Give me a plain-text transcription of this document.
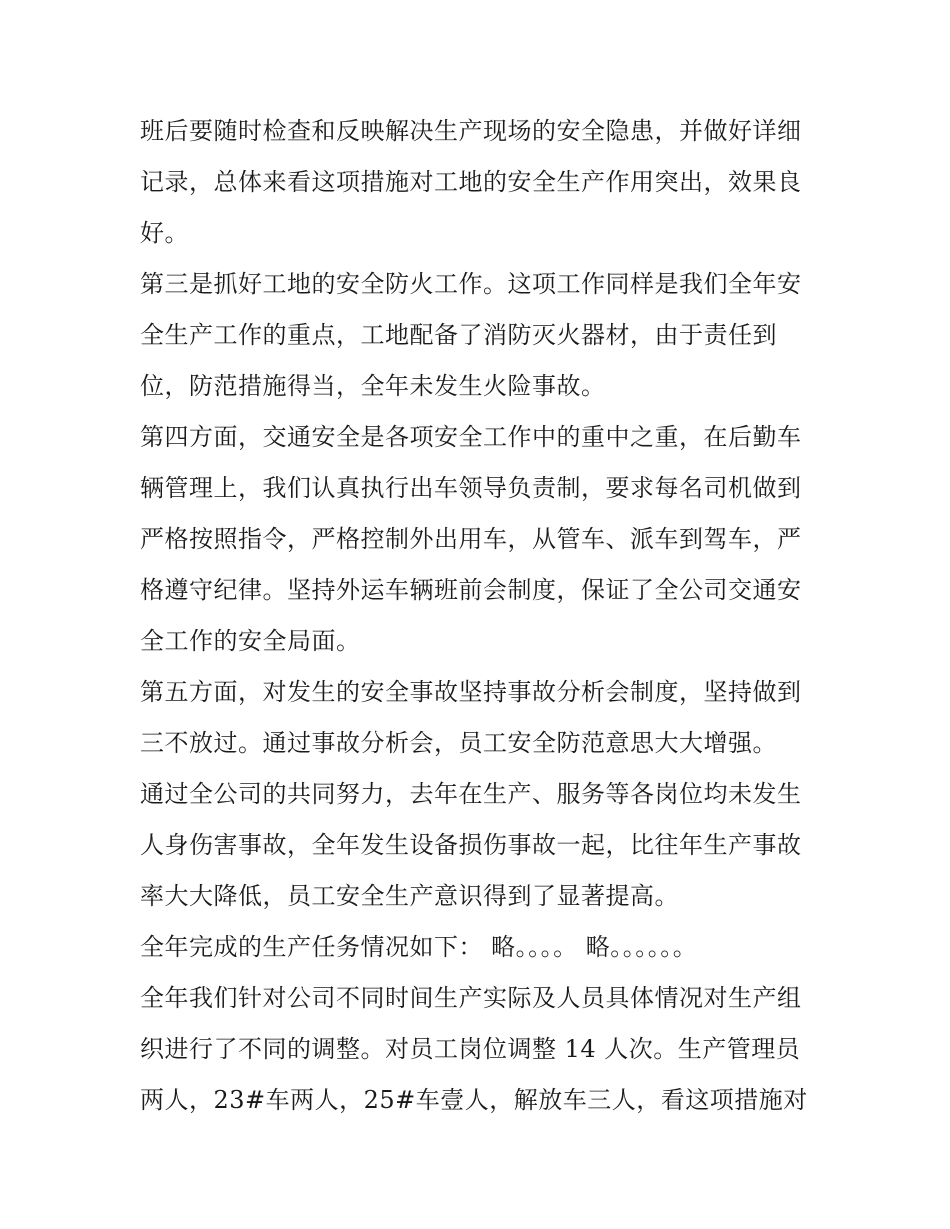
班后要随时检查和反映解决生产现场的安全隐患，并做好详细
记录，总体来看这项措施对工地的安全生产作用突出，效果良
好。
第三是抓好工地的安全防火工作。这项工作同样是我们全年安
全生产工作的重点，工地配备了消防灭火器材，由于责任到
位，防范措施得当，全年未发生火险事故。
第四方面，交通安全是各项安全工作中的重中之重，在后勤车
辆管理上，我们认真执行出车领导负责制，要求每名司机做到
严格按照指令，严格控制外出用车，从管车、派车到驾车，严
格遵守纪律。坚持外运车辆班前会制度，保证了全公司交通安
全工作的安全局面。
第五方面，对发生的安全事故坚持事故分析会制度，坚持做到
三不放过。通过事故分析会，员工安全防范意思大大增强。
通过全公司的共同努力，去年在生产、服务等各岗位均未发生
人身伤害事故，全年发生设备损伤事故一起，比往年生产事故
率大大降低，员工安全生产意识得到了显著提高。
全年完成的生产任务情况如下： 略。。。。 略。。。。。。
全年我们针对公司不同时间生产实际及人员具体情况对生产组
织进行了不同的调整。对员工岗位调整 14 人次。生产管理员
两人，23#车两人，25#车壹人，解放车三人，看这项措施对
